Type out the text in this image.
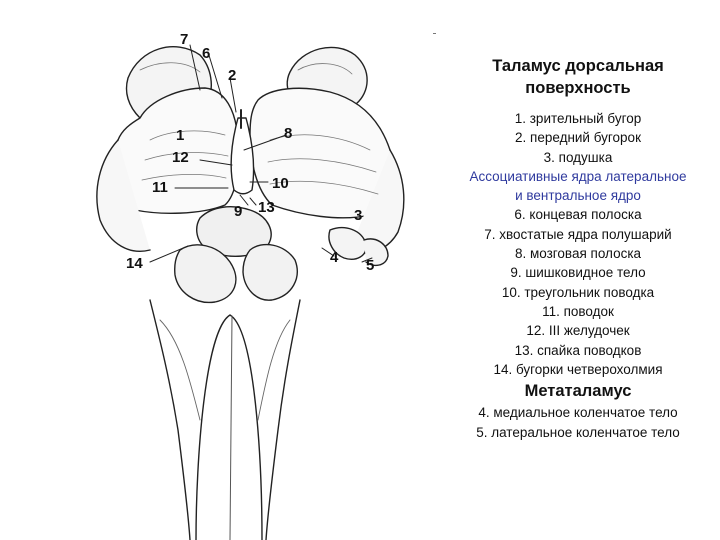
7
6
2
1
12
8
11	10
9 13	3
14	4 5
Таламус дорсальная
поверхность
1. зрительный бугор
2. передний бугорок
3. подушка
Ассоциативные ядра латеральное
и вентральное ядро
6. концевая полоска
7. хвостатые ядра полушарий
8. мозговая полоска
9. шишковидное тело
10. треугольник поводка
11. поводок
12. III желудочек
13. спайка поводков
14. бугорки четверохолмия
Метаталамус
4. медиальное коленчатое тело
5. латеральное коленчатое тело
